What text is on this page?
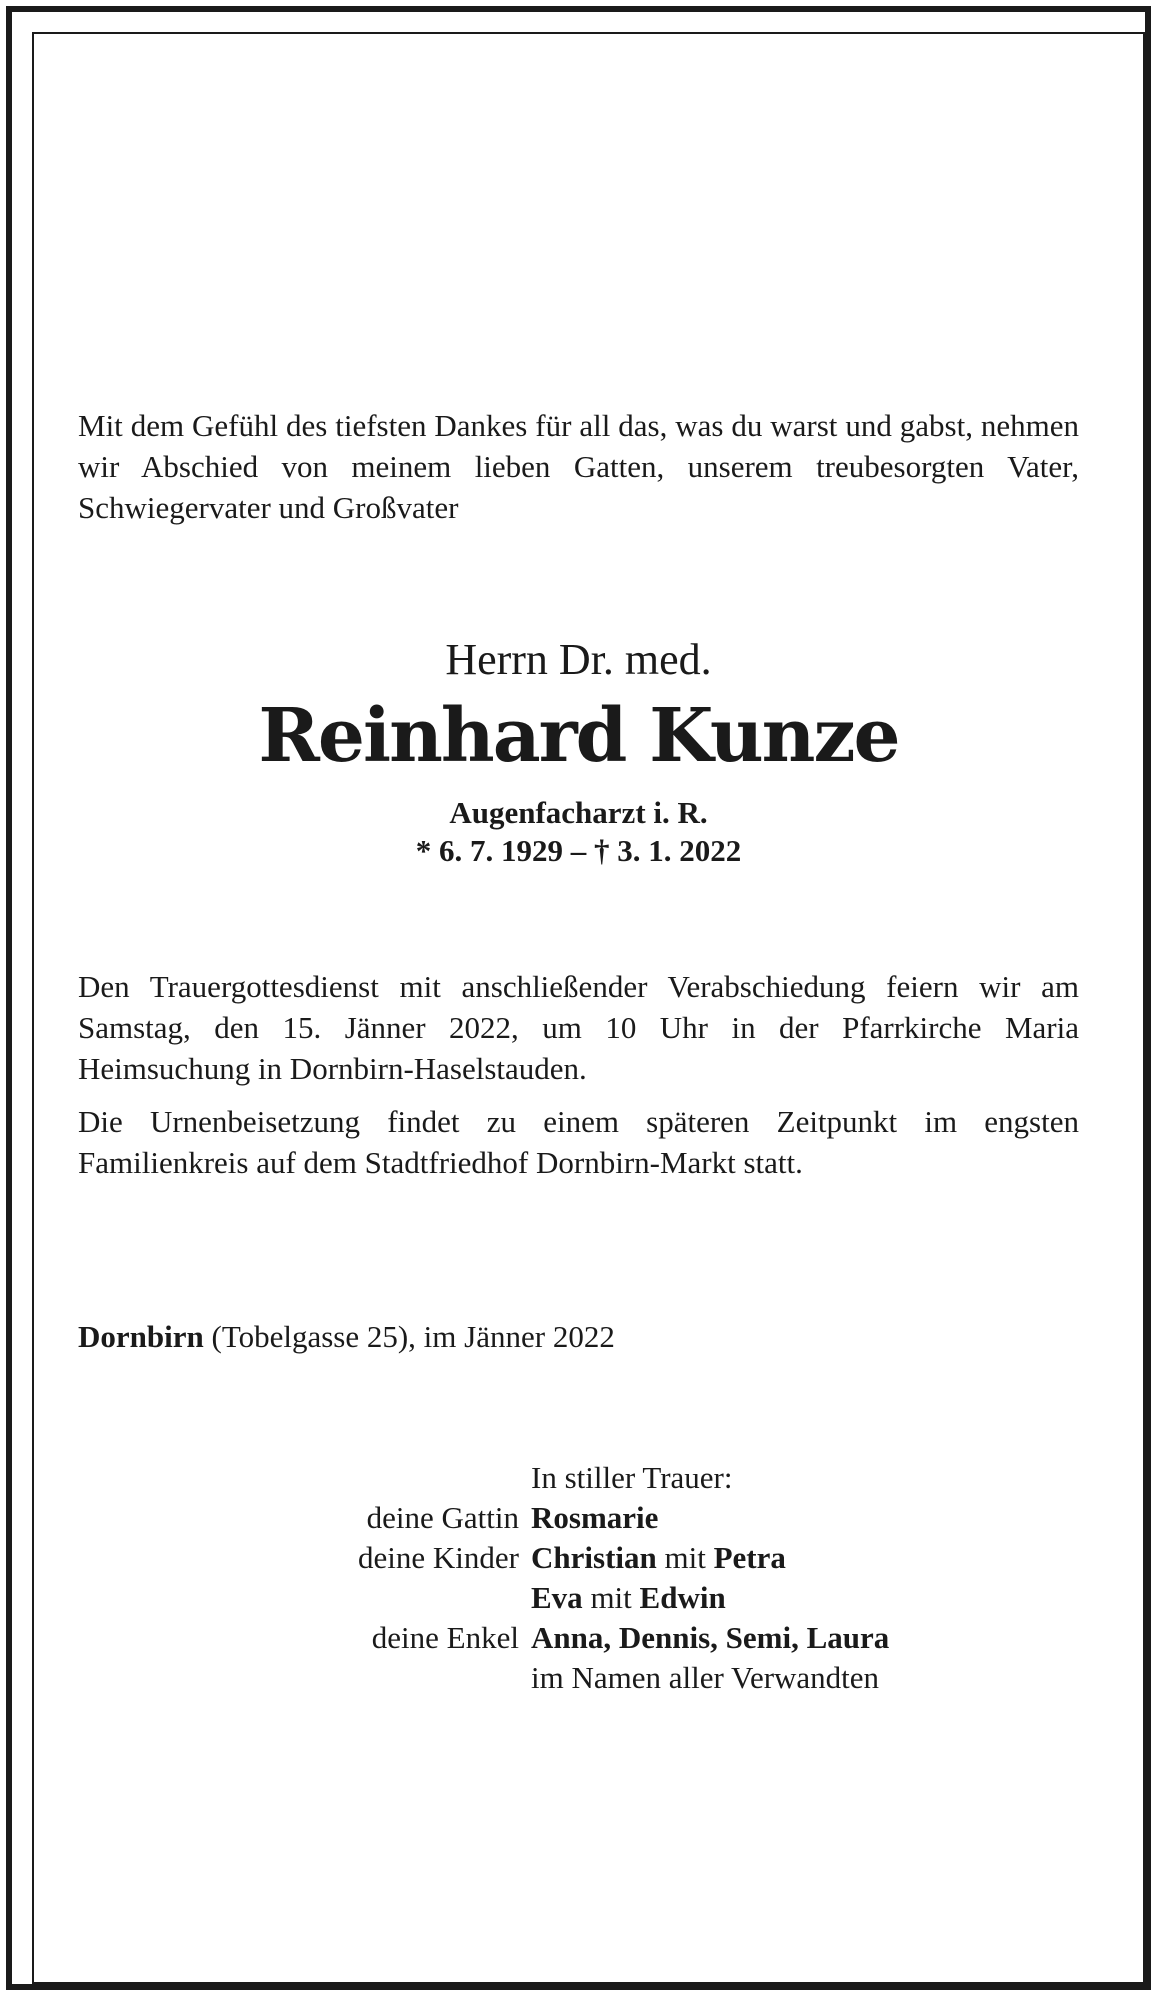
Mit dem Gefühl des tiefsten Dankes für all das, was du warst und gabst, nehmen wir Abschied von meinem lieben Gatten, unserem treubesorgten Vater, Schwiegervater und Großvater

Herrn Dr. med.

Reinhard Kunze

Augenfacharzt i. R.

* 6. 7. 1929 – † 3. 1. 2022

Den Trauergottesdienst mit anschließender Verabschiedung feiern wir am Samstag, den 15. Jänner 2022, um 10 Uhr in der Pfarrkirche Maria Heimsuchung in Dornbirn-Haselstauden.

Die Urnenbeisetzung findet zu einem späteren Zeitpunkt im engsten Familienkreis auf dem Stadtfriedhof Dornbirn-Markt statt.

Dornbirn (Tobelgasse 25), im Jänner 2022

In stiller Trauer:
deine Gattin Rosmarie
deine Kinder Christian mit Petra
Eva mit Edwin
deine Enkel Anna, Dennis, Semi, Laura
im Namen aller Verwandten
